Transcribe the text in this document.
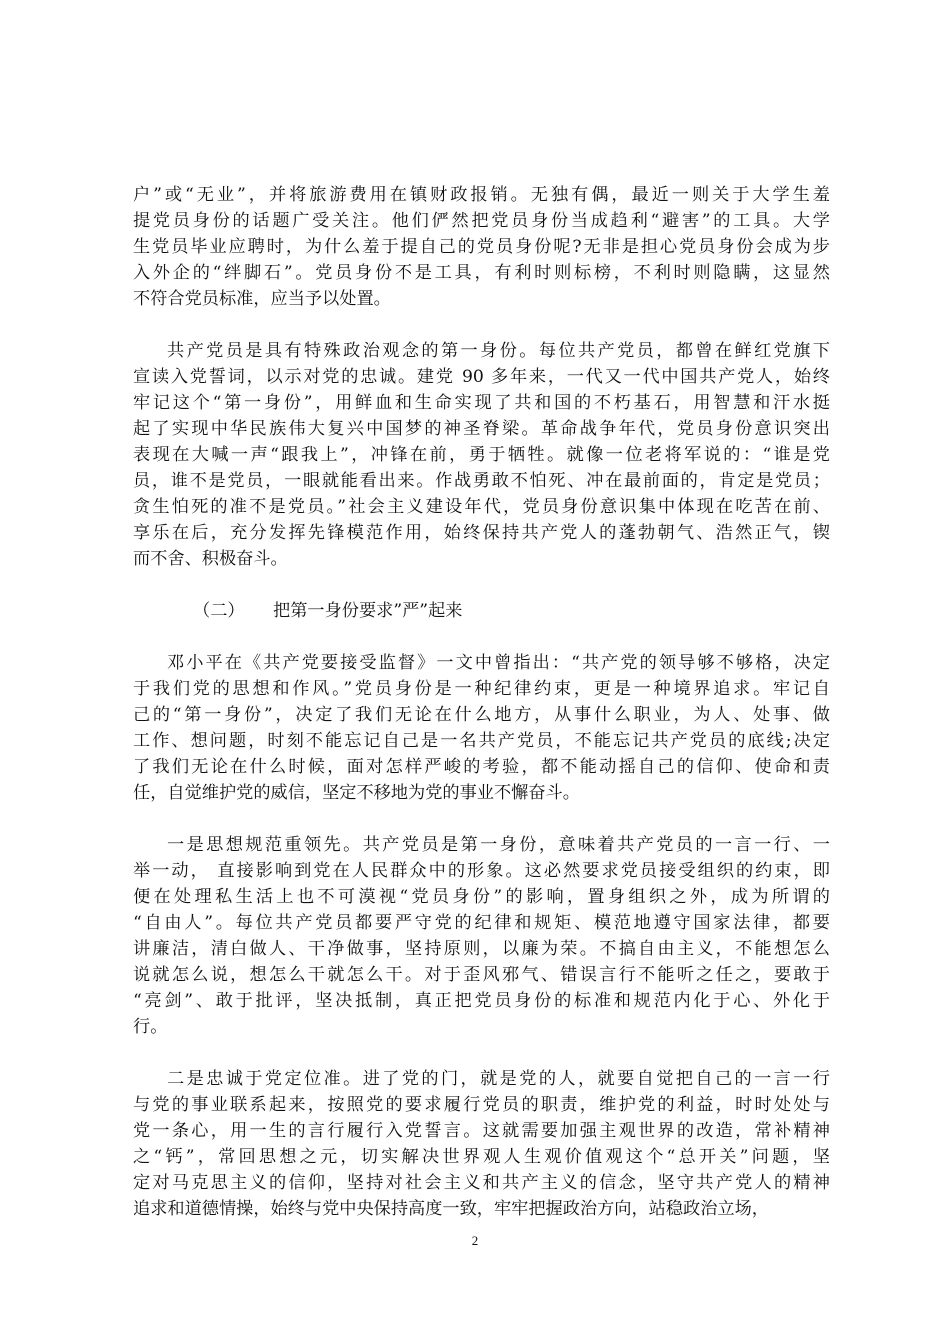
户”或“无业”，并将旅游费用在镇财政报销。无独有偶，最近一则关于大学生羞
提党员身份的话题广受关注。他们俨然把党员身份当成趋利“避害”的工具。大学
生党员毕业应聘时，为什么羞于提自己的党员身份呢?无非是担心党员身份会成为步
入外企的“绊脚石”。党员身份不是工具，有利时则标榜，不利时则隐瞒，这显然
不符合党员标准，应当予以处置。
共产党员是具有特殊政治观念的第一身份。每位共产党员，都曾在鲜红党旗下
宣读入党誓词，以示对党的忠诚。建党 90 多年来，一代又一代中国共产党人，始终
牢记这个“第一身份”，用鲜血和生命实现了共和国的不朽基石，用智慧和汗水挺
起了实现中华民族伟大复兴中国梦的神圣脊梁。革命战争年代，党员身份意识突出
表现在大喊一声“跟我上”，冲锋在前，勇于牺牲。就像一位老将军说的：“谁是党
员，谁不是党员，一眼就能看出来。作战勇敢不怕死、冲在最前面的，肯定是党员；
贪生怕死的准不是党员。”社会主义建设年代，党员身份意识集中体现在吃苦在前、
享乐在后，充分发挥先锋模范作用，始终保持共产党人的蓬勃朝气、浩然正气，锲
而不舍、积极奋斗。
（二） 把第一身份要求”严”起来
邓小平在《共产党要接受监督》一文中曾指出：“共产党的领导够不够格，决定
于我们党的思想和作风。”党员身份是一种纪律约束，更是一种境界追求。牢记自
己的“第一身份”，决定了我们无论在什么地方，从事什么职业，为人、处事、做
工作、想问题，时刻不能忘记自己是一名共产党员，不能忘记共产党员的底线;决定
了我们无论在什么时候，面对怎样严峻的考验，都不能动摇自己的信仰、使命和责
任，自觉维护党的威信，坚定不移地为党的事业不懈奋斗。
一是思想规范重领先。共产党员是第一身份，意味着共产党员的一言一行、一
举一动， 直接影响到党在人民群众中的形象。这必然要求党员接受组织的约束，即
便在处理私生活上也不可漠视“党员身份”的影响，置身组织之外，成为所谓的
“自由人”。每位共产党员都要严守党的纪律和规矩、模范地遵守国家法律，都要
讲廉洁，清白做人、干净做事，坚持原则，以廉为荣。不搞自由主义，不能想怎么
说就怎么说，想怎么干就怎么干。对于歪风邪气、错误言行不能听之任之，要敢于
“亮剑”、敢于批评，坚决抵制，真正把党员身份的标准和规范内化于心、外化于
行。
二是忠诚于党定位准。进了党的门，就是党的人，就要自觉把自己的一言一行
与党的事业联系起来，按照党的要求履行党员的职责，维护党的利益，时时处处与
党一条心，用一生的言行履行入党誓言。这就需要加强主观世界的改造，常补精神
之“钙”，常回思想之元，切实解决世界观人生观价值观这个“总开关”问题，坚
定对马克思主义的信仰，坚持对社会主义和共产主义的信念，坚守共产党人的精神
追求和道德情操，始终与党中央保持高度一致，牢牢把握政治方向，站稳政治立场，
2
